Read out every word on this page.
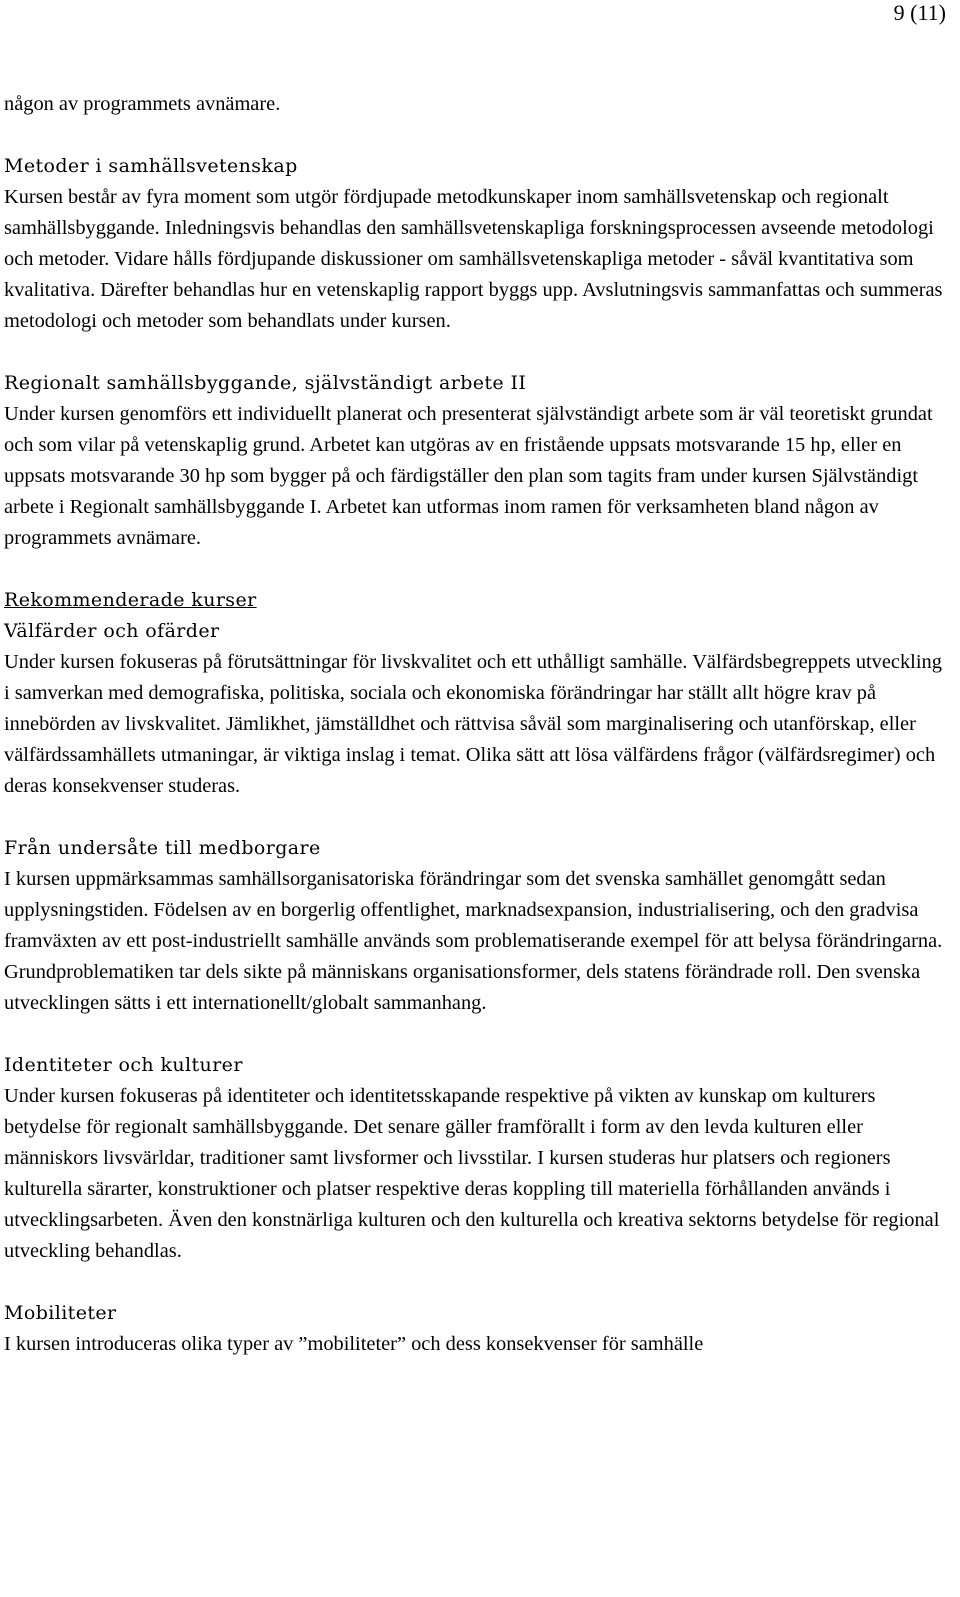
9 (11)

någon av programmets avnämare.

Metoder i samhällsvetenskap

Kursen består av fyra moment som utgör fördjupade metodkunskaper inom samhällsvetenskap och regionalt samhällsbyggande. Inledningsvis behandlas den samhällsvetenskapliga forskningsprocessen avseende metodologi och metoder. Vidare hålls fördjupande diskussioner om samhällsvetenskapliga metoder - såväl kvantitativa som kvalitativa. Därefter behandlas hur en vetenskaplig rapport byggs upp. Avslutningsvis sammanfattas och summeras metodologi och metoder som behandlats under kursen.

Regionalt samhällsbyggande, självständigt arbete II

Under kursen genomförs ett individuellt planerat och presenterat självständigt arbete som är väl teoretiskt grundat och som vilar på vetenskaplig grund. Arbetet kan utgöras av en fristående uppsats motsvarande 15 hp, eller en uppsats motsvarande 30 hp som bygger på och färdigställer den plan som tagits fram under kursen Självständigt arbete i Regionalt samhällsbyggande I. Arbetet kan utformas inom ramen för verksamheten bland någon av programmets avnämare.

Rekommenderade kurser

Välfärder och ofärder

Under kursen fokuseras på förutsättningar för livskvalitet och ett uthålligt samhälle. Välfärdsbegreppets utveckling i samverkan med demografiska, politiska, sociala och ekonomiska förändringar har ställt allt högre krav på innebörden av livskvalitet. Jämlikhet, jämställdhet och rättvisa såväl som marginalisering och utanförskap, eller välfärdssamhällets utmaningar, är viktiga inslag i temat. Olika sätt att lösa välfärdens frågor (välfärdsregimer) och deras konsekvenser studeras.

Från undersåte till medborgare

I kursen uppmärksammas samhällsorganisatoriska förändringar som det svenska samhället genomgått sedan upplysningstiden. Födelsen av en borgerlig offentlighet, marknadsexpansion, industrialisering, och den gradvisa framväxten av ett post-industriellt samhälle används som problematiserande exempel för att belysa förändringarna. Grundproblematiken tar dels sikte på människans organisationsformer, dels statens förändrade roll. Den svenska utvecklingen sätts i ett internationellt/globalt sammanhang.

Identiteter och kulturer

Under kursen fokuseras på identiteter och identitetsskapande respektive på vikten av kunskap om kulturers betydelse för regionalt samhällsbyggande. Det senare gäller framförallt i form av den levda kulturen eller människors livsvärldar, traditioner samt livsformer och livsstilar. I kursen studeras hur platsers och regioners kulturella särarter, konstruktioner och platser respektive deras koppling till materiella förhållanden används i utvecklingsarbeten. Även den konstnärliga kulturen och den kulturella och kreativa sektorns betydelse för regional utveckling behandlas.

Mobiliteter

I kursen introduceras olika typer av ”mobiliteter” och dess konsekvenser för samhälle
